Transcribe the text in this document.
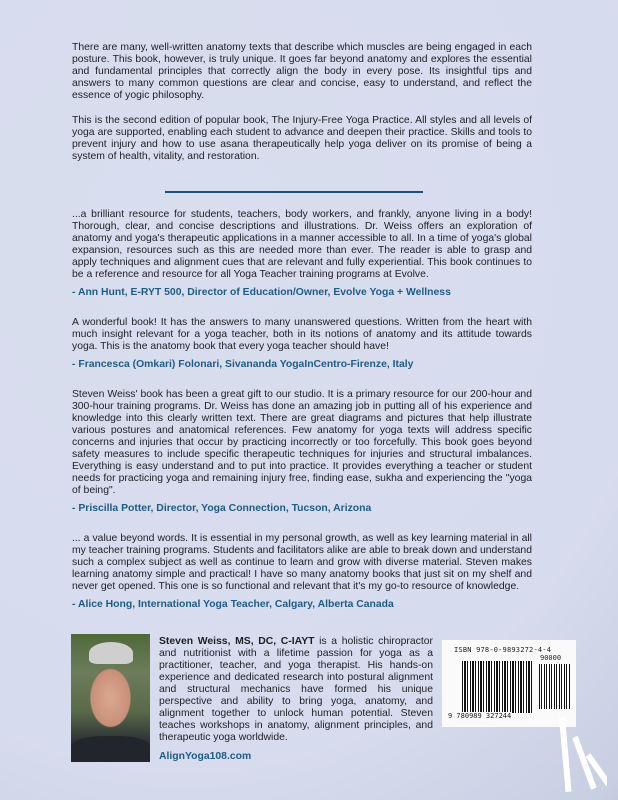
There are many, well-written anatomy texts that describe which muscles are being engaged in each posture. This book, however, is truly unique. It goes far beyond anatomy and explores the essential and fundamental principles that correctly align the body in every pose. Its insightful tips and answers to many common questions are clear and concise, easy to understand, and reflect the essence of yogic philosophy.
This is the second edition of popular book, The Injury-Free Yoga Practice. All styles and all levels of yoga are supported, enabling each student to advance and deepen their practice. Skills and tools to prevent injury and how to use asana therapeutically help yoga deliver on its promise of being a system of health, vitality, and restoration.
...a brilliant resource for students, teachers, body workers, and frankly, anyone living in a body! Thorough, clear, and concise descriptions and illustrations. Dr. Weiss offers an exploration of anatomy and yoga's therapeutic applications in a manner accessible to all. In a time of yoga's global expansion, resources such as this are needed more than ever. The reader is able to grasp and apply techniques and alignment cues that are relevant and fully experiential. This book continues to be a reference and resource for all Yoga Teacher training programs at Evolve.
- Ann Hunt, E-RYT 500, Director of Education/Owner, Evolve Yoga + Wellness
A wonderful book! It has the answers to many unanswered questions. Written from the heart with much insight relevant for a yoga teacher, both in its notions of anatomy and its attitude towards yoga. This is the anatomy book that every yoga teacher should have!
- Francesca (Omkari) Folonari, Sivananda YogaInCentro-Firenze, Italy
Steven Weiss' book has been a great gift to our studio. It is a primary resource for our 200-hour and 300-hour training programs. Dr. Weiss has done an amazing job in putting all of his experience and knowledge into this clearly written text. There are great diagrams and pictures that help illustrate various postures and anatomical references. Few anatomy for yoga texts will address specific concerns and injuries that occur by practicing incorrectly or too forcefully. This book goes beyond safety measures to include specific therapeutic techniques for injuries and structural imbalances. Everything is easy understand and to put into practice. It provides everything a teacher or student needs for practicing yoga and remaining injury free, finding ease, sukha and experiencing the "yoga of being".
- Priscilla Potter, Director, Yoga Connection, Tucson, Arizona
... a value beyond words. It is essential in my personal growth, as well as key learning material in all my teacher training programs. Students and facilitators alike are able to break down and understand such a complex subject as well as continue to learn and grow with diverse material. Steven makes learning anatomy simple and practical! I have so many anatomy books that just sit on my shelf and never get opened. This one is so functional and relevant that it's my go-to resource of knowledge.
- Alice Hong, International Yoga Teacher, Calgary, Alberta Canada
Steven Weiss, MS, DC, C-IAYT is a holistic chiropractor and nutritionist with a lifetime passion for yoga as a practitioner, teacher, and yoga therapist. His hands-on experience and dedicated research into postural alignment and structural mechanics have formed his unique perspective and ability to bring yoga, anatomy, and alignment together to unlock human potential. Steven teaches workshops in anatomy, alignment principles, and therapeutic yoga worldwide.
AlignYoga108.com
ISBN 978-0-9893272-4-4
90000
9 780989 327244
